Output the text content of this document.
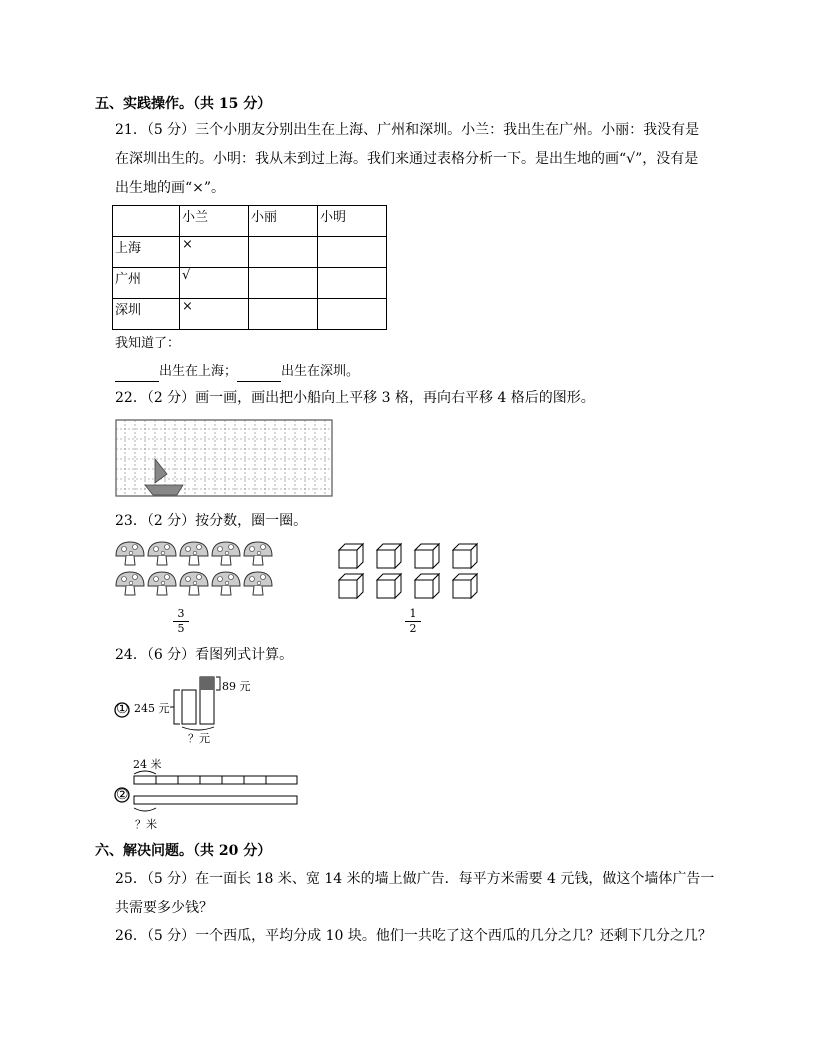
五、实践操作。（共 15 分）
21．（5 分）三个小朋友分别出生在上海、广州和深圳。小兰：我出生在广州。小丽：我没有是
在深圳出生的。小明：我从未到过上海。我们来通过表格分析一下。是出生地的画“√”，没有是
出生地的画“×”。
	小兰	小丽	小明
上海	×		
广州	√		
深圳	×		
我知道了：
出生在上海；	出生在深圳。
22．（2 分）画一画，画出把小船向上平移 3 格，再向右平移 4 格后的图形。
23．（2 分）按分数，圈一圈。
3
5
1
2
24．（6 分）看图列式计算。
① 245 元
89 元
？元
②
24 米
？米
六、解决问题。（共 20 分）
25．（5 分）在一面长 18 米、宽 14 米的墙上做广告．每平方米需要 4 元钱，做这个墙体广告一
共需要多少钱？
26．（5 分）一个西瓜，平均分成 10 块。他们一共吃了这个西瓜的几分之几？还剩下几分之几？
